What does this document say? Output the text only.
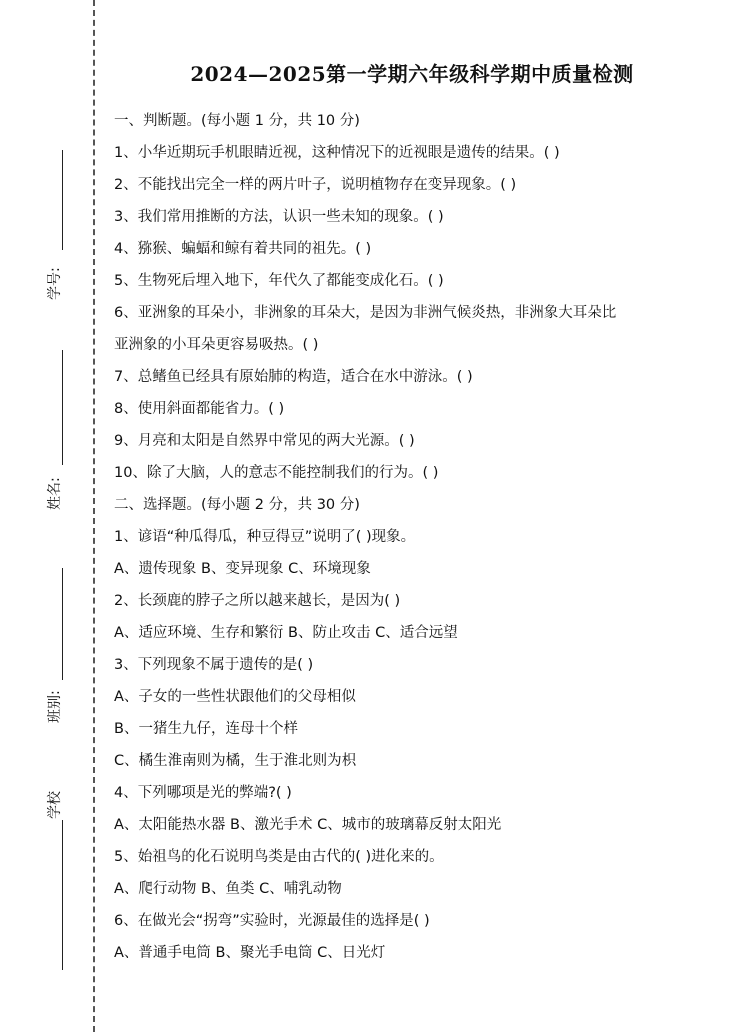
学号:
姓名:
班别:
学校
2024—2025第一学期六年级科学期中质量检测
一、判断题。(每小题 1 分，共 10 分)
1、小华近期玩手机眼睛近视，这种情况下的近视眼是遗传的结果。( )
2、不能找出完全一样的两片叶子，说明植物存在变异现象。( )
3、我们常用推断的方法，认识一些未知的现象。( )
4、猕猴、蝙蝠和鲸有着共同的祖先。( )
5、生物死后埋入地下，年代久了都能变成化石。( )
6、亚洲象的耳朵小，非洲象的耳朵大，是因为非洲气候炎热，非洲象大耳朵比
亚洲象的小耳朵更容易吸热。( )
7、总鳍鱼已经具有原始肺的构造，适合在水中游泳。( )
8、使用斜面都能省力。( )
9、月亮和太阳是自然界中常见的两大光源。( )
10、除了大脑，人的意志不能控制我们的行为。( )
二、选择题。(每小题 2 分，共 30 分)
1、谚语“种瓜得瓜，种豆得豆”说明了( )现象。
A、遗传现象 B、变异现象 C、环境现象
2、长颈鹿的脖子之所以越来越长，是因为( )
A、适应环境、生存和繁衍 B、防止攻击 C、适合远望
3、下列现象不属于遗传的是( )
A、子女的一些性状跟他们的父母相似
B、一猪生九仔，连母十个样
C、橘生淮南则为橘，生于淮北则为枳
4、下列哪项是光的弊端?( )
A、太阳能热水器 B、激光手术 C、城市的玻璃幕反射太阳光
5、始祖鸟的化石说明鸟类是由古代的( )进化来的。
A、爬行动物 B、鱼类 C、哺乳动物
6、在做光会“拐弯”实验时，光源最佳的选择是( )
A、普通手电筒 B、聚光手电筒 C、日光灯
